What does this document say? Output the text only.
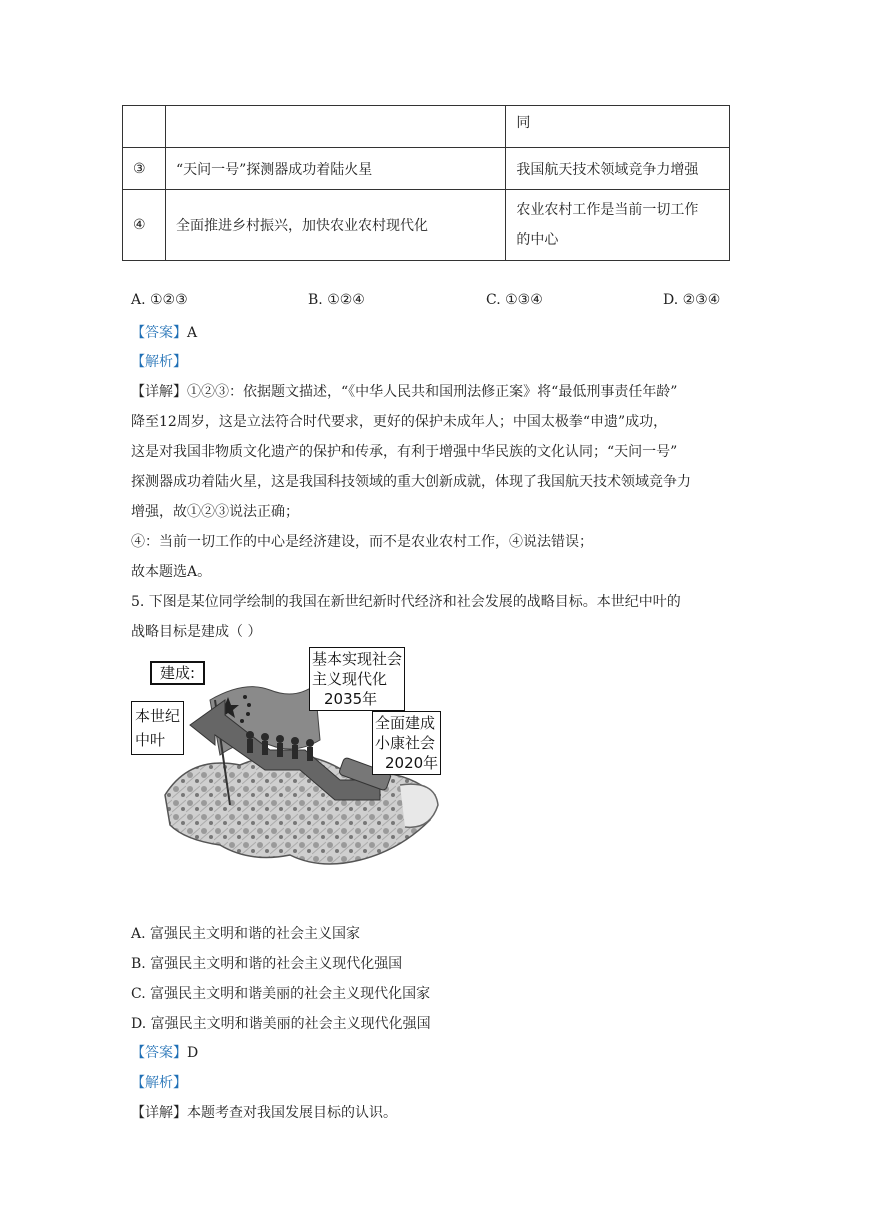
		同
③	“天问一号”探测器成功着陆火星	我国航天技术领域竞争力增强
④	全面推进乡村振兴，加快农业农村现代化	农业农村工作是当前一切工作
的中心
A. ①②③	B. ①②④	C. ①③④	D. ②③④
【答案】A
【解析】
【详解】①②③：依据题文描述，“《中华人民共和国刑法修正案》将“最低刑事责任年龄”
降至12周岁，这是立法符合时代要求，更好的保护未成年人；中国太极拳“申遗”成功，
这是对我国非物质文化遗产的保护和传承，有利于增强中华民族的文化认同；“天问一号”
探测器成功着陆火星，这是我国科技领域的重大创新成就，体现了我国航天技术领域竞争力
增强，故①②③说法正确；
④：当前一切工作的中心是经济建设，而不是农业农村工作，④说法错误；
故本题选A。
5. 下图是某位同学绘制的我国在新世纪新时代经济和社会发展的战略目标。本世纪中叶的
战略目标是建成（ ）
建成:
本世纪
中叶
基本实现社会
主义现代化
2035年
全面建成
小康社会
2020年
A. 富强民主文明和谐的社会主义国家
B. 富强民主文明和谐的社会主义现代化强国
C. 富强民主文明和谐美丽的社会主义现代化国家
D. 富强民主文明和谐美丽的社会主义现代化强国
【答案】D
【解析】
【详解】本题考查对我国发展目标的认识。
